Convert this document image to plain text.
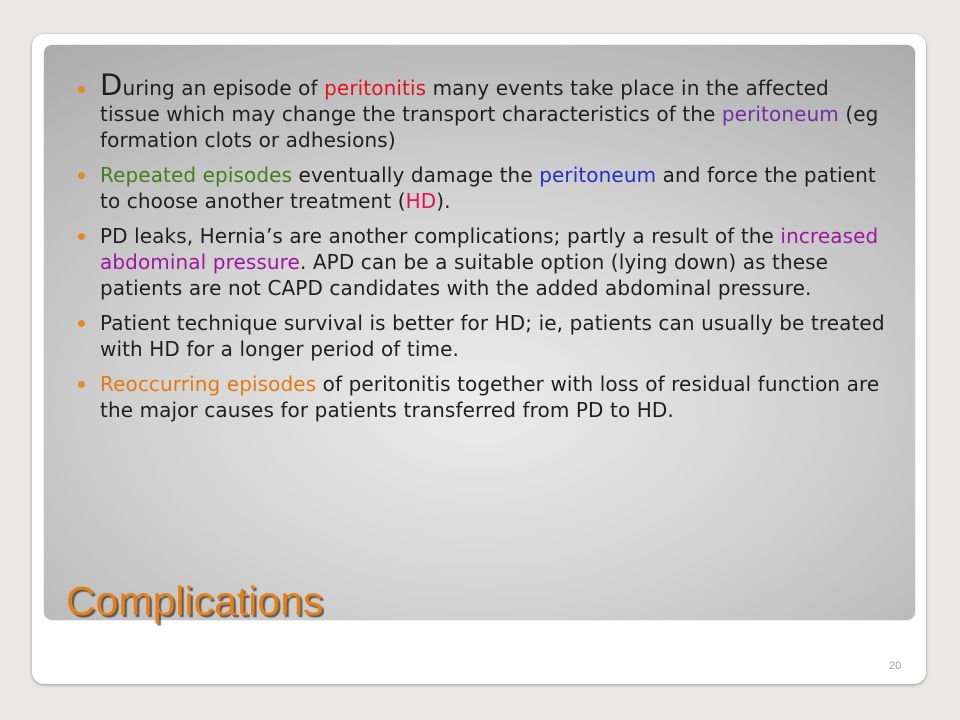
During an episode of peritonitis many events take place in the affected tissue which may change the transport characteristics of the peritoneum (eg formation clots or adhesions)
Repeated episodes eventually damage the peritoneum and force the patient to choose another treatment (HD).
PD leaks, Hernia’s are another complications; partly a result of the increased abdominal pressure. APD can be a suitable option (lying down) as these patients are not CAPD candidates with the added abdominal pressure.
Patient technique survival is better for HD; ie, patients can usually be treated with HD for a longer period of time.
Reoccurring episodes of peritonitis together with loss of residual function are the major causes for patients transferred from PD to HD.
Complications
20
